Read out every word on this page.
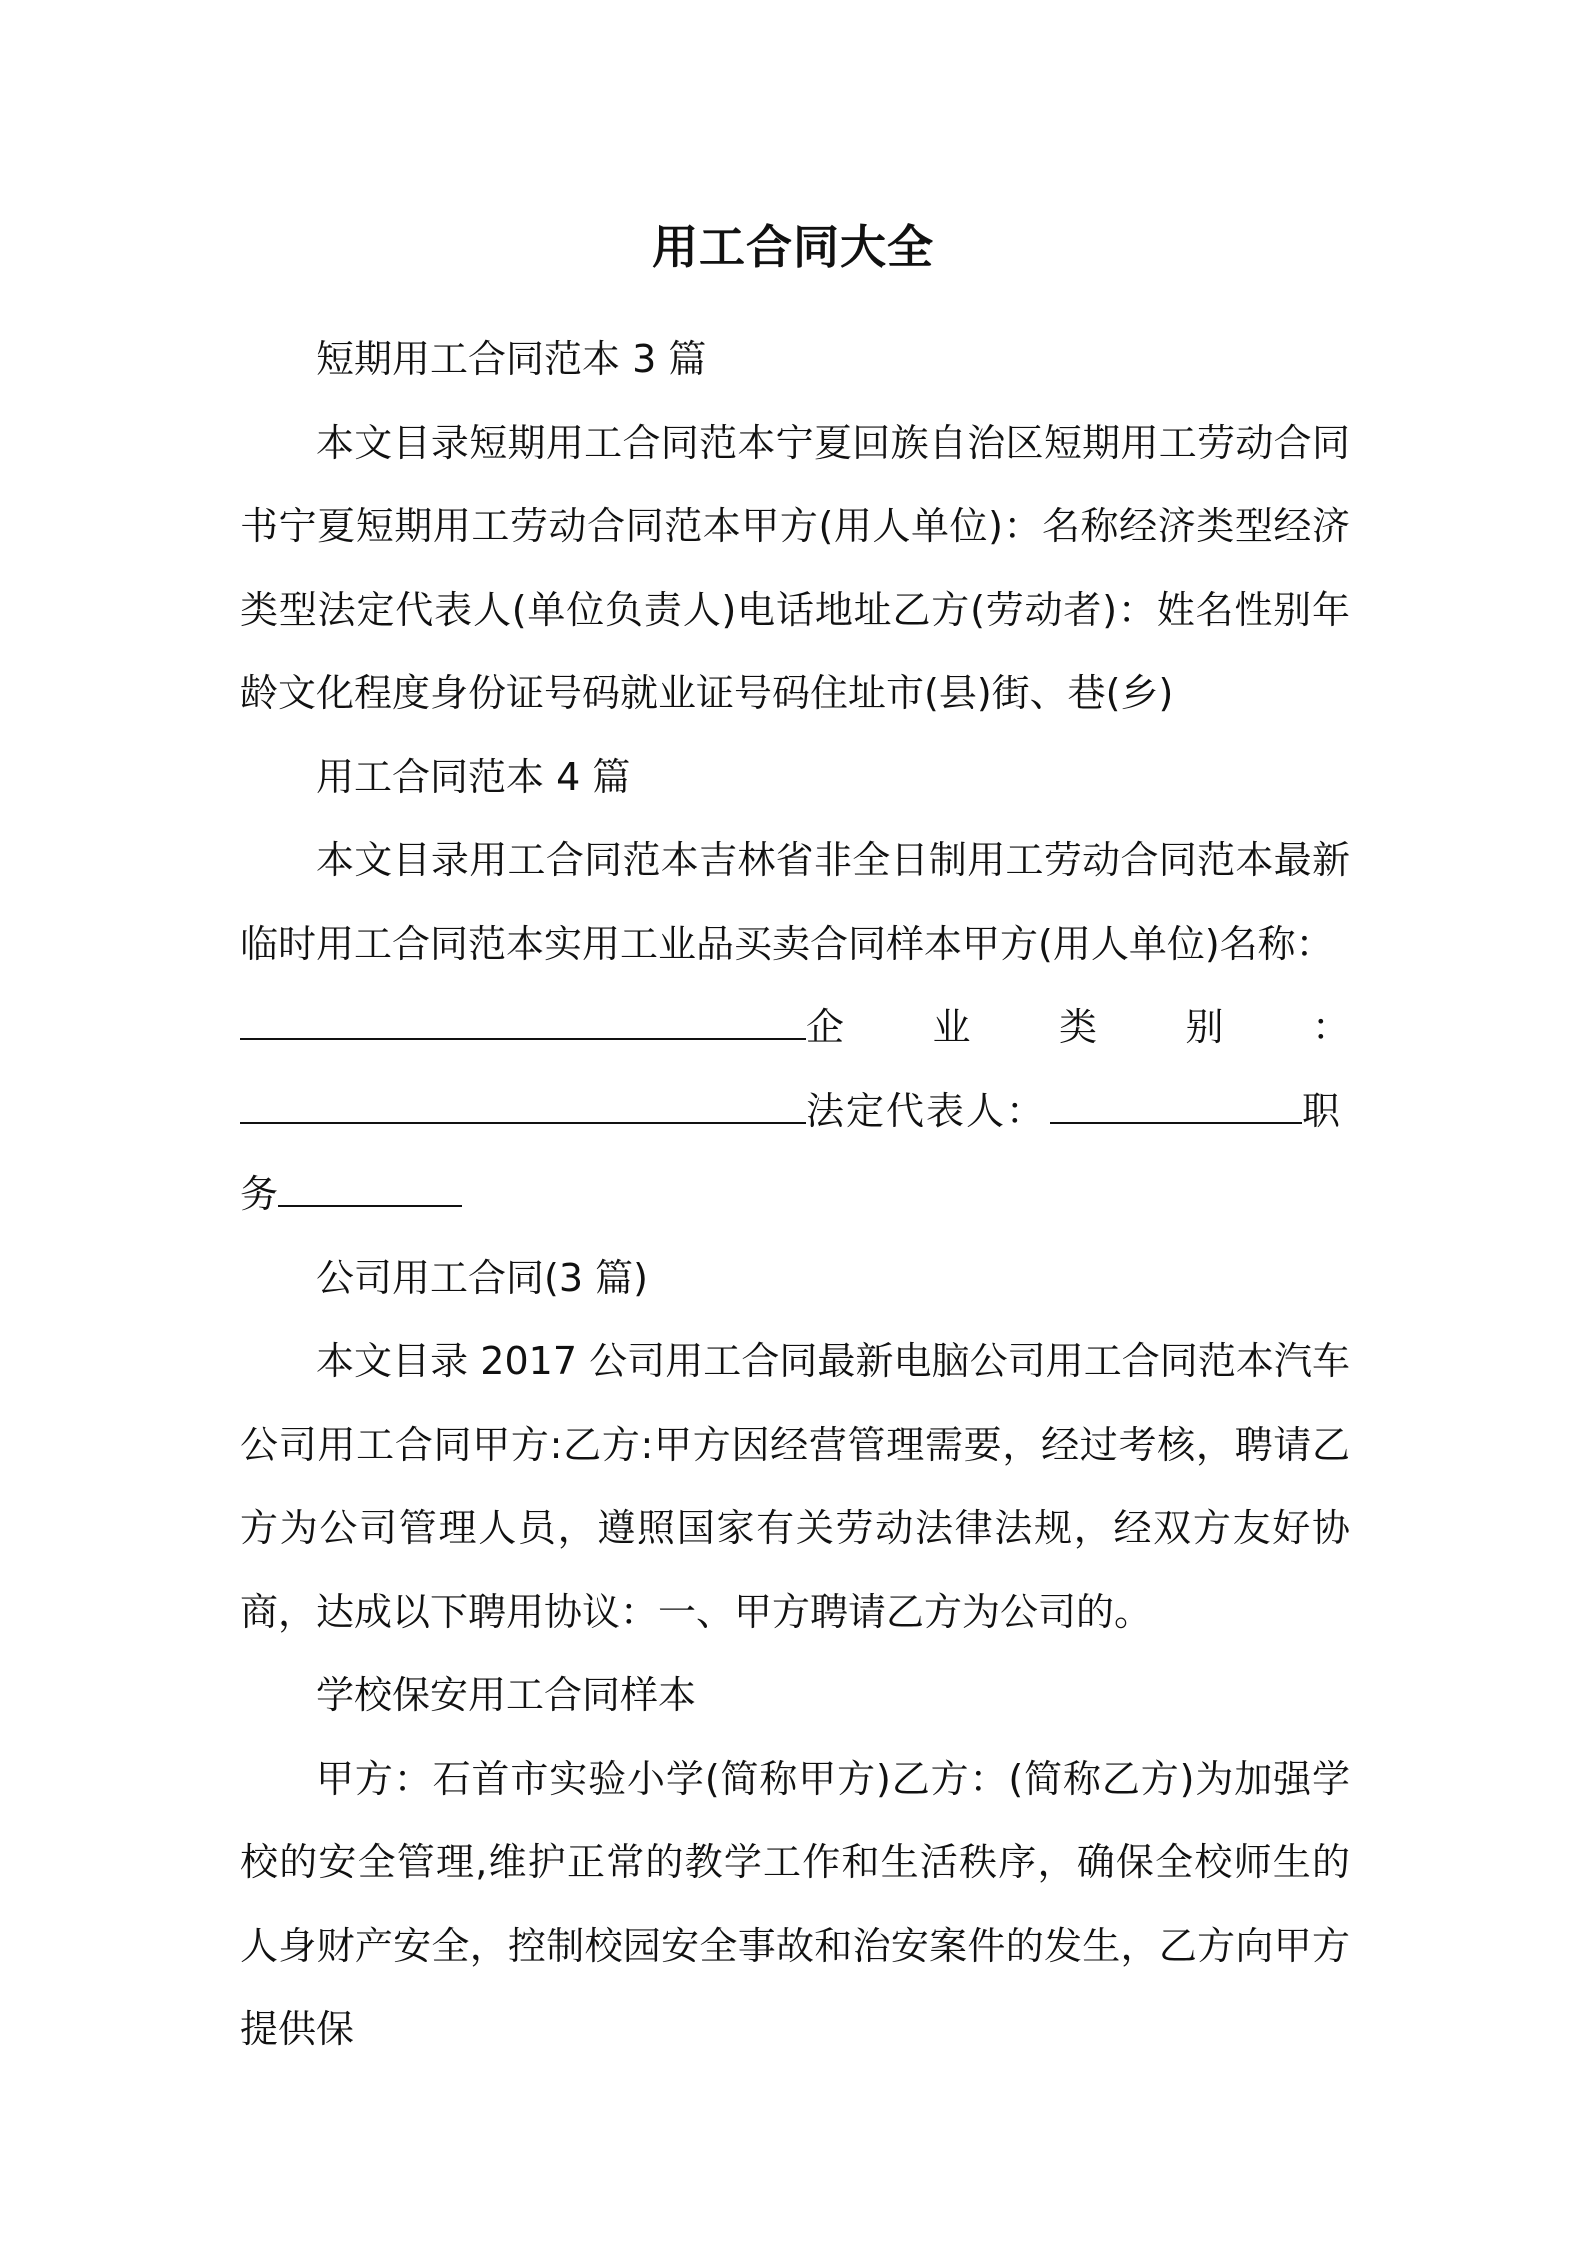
用工合同大全

短期用工合同范本 3 篇

本文目录短期用工合同范本宁夏回族自治区短期用工劳动合同书宁夏短期用工劳动合同范本甲方(用人单位)：名称经济类型经济类型法定代表人(单位负责人)电话地址乙方(劳动者)：姓名性别年龄文化程度身份证号码就业证号码住址市(县)街、巷(乡)

用工合同范本 4 篇

本文目录用工合同范本吉林省非全日制用工劳动合同范本最新临时用工合同范本实用工业品买卖合同样本甲方(用人单位)名称：

企 业 类 别 ：
法定代表人：	职
务

公司用工合同(3 篇)

本文目录 2017 公司用工合同最新电脑公司用工合同范本汽车公司用工合同甲方:乙方:甲方因经营管理需要，经过考核，聘请乙方为公司管理人员，遵照国家有关劳动法律法规，经双方友好协商，达成以下聘用协议：一、甲方聘请乙方为公司的。

学校保安用工合同样本

甲方：石首市实验小学(简称甲方)乙方：(简称乙方)为加强学校的安全管理,维护正常的教学工作和生活秩序，确保全校师生的人身财产安全，控制校园安全事故和治安案件的发生，乙方向甲方提供保
